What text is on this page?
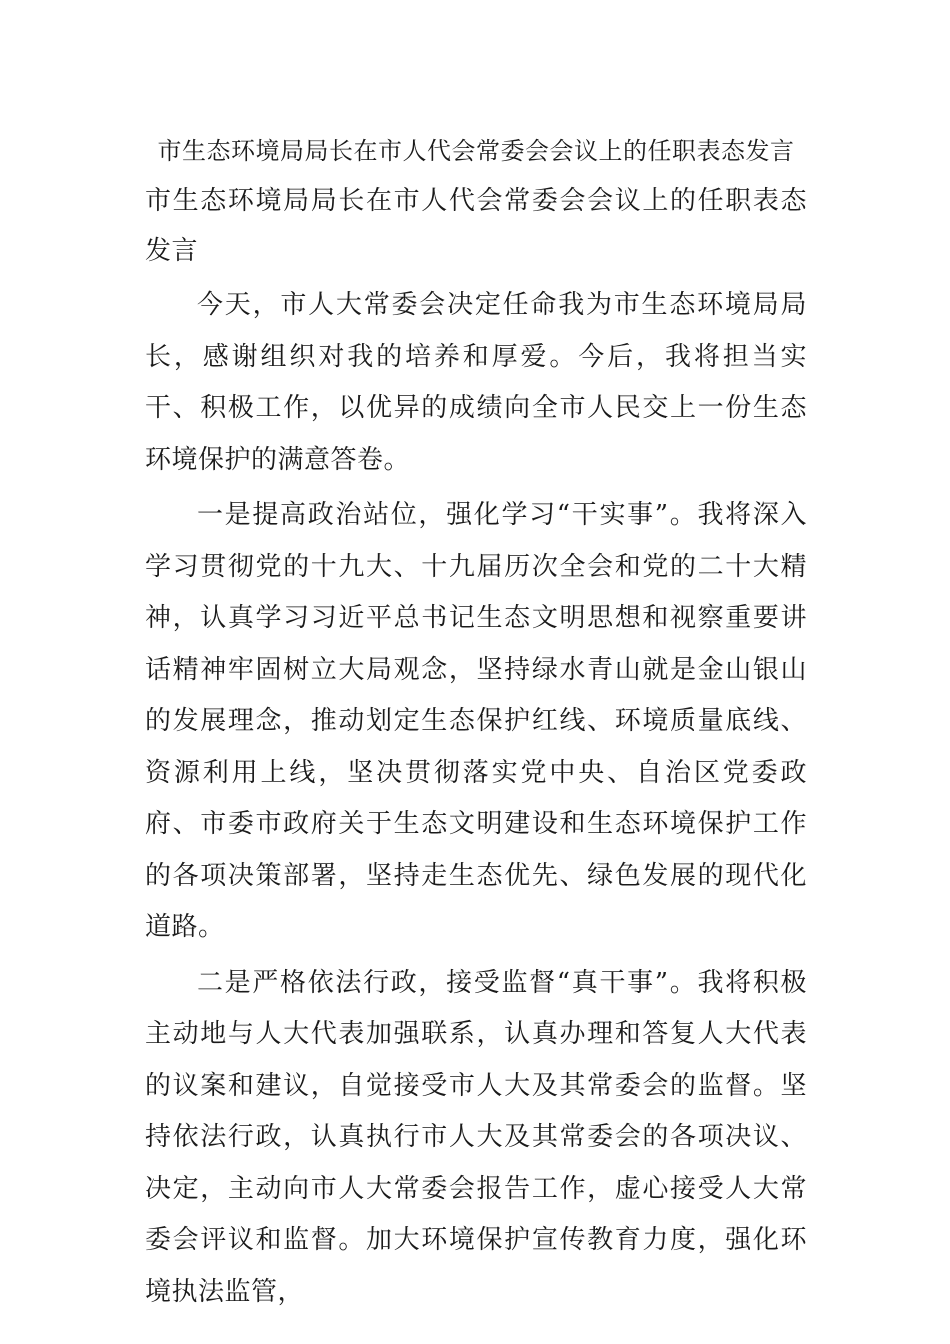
市生态环境局局长在市人代会常委会会议上的任职表态发言
市生态环境局局长在市人代会常委会会议上的任职表态发言

今天，市人大常委会决定任命我为市生态环境局局长，感谢组织对我的培养和厚爱。今后，我将担当实干、积极工作，以优异的成绩向全市人民交上一份生态环境保护的满意答卷。

一是提高政治站位，强化学习“干实事”。我将深入学习贯彻党的十九大、十九届历次全会和党的二十大精神，认真学习习近平总书记生态文明思想和视察重要讲话精神牢固树立大局观念，坚持绿水青山就是金山银山的发展理念，推动划定生态保护红线、环境质量底线、资源利用上线，坚决贯彻落实党中央、自治区党委政府、市委市政府关于生态文明建设和生态环境保护工作的各项决策部署，坚持走生态优先、绿色发展的现代化道路。

二是严格依法行政，接受监督“真干事”。我将积极主动地与人大代表加强联系，认真办理和答复人大代表的议案和建议，自觉接受市人大及其常委会的监督。坚持依法行政，认真执行市人大及其常委会的各项决议、决定，主动向市人大常委会报告工作，虚心接受人大常委会评议和监督。加大环境保护宣传教育力度，强化环境执法监管，
